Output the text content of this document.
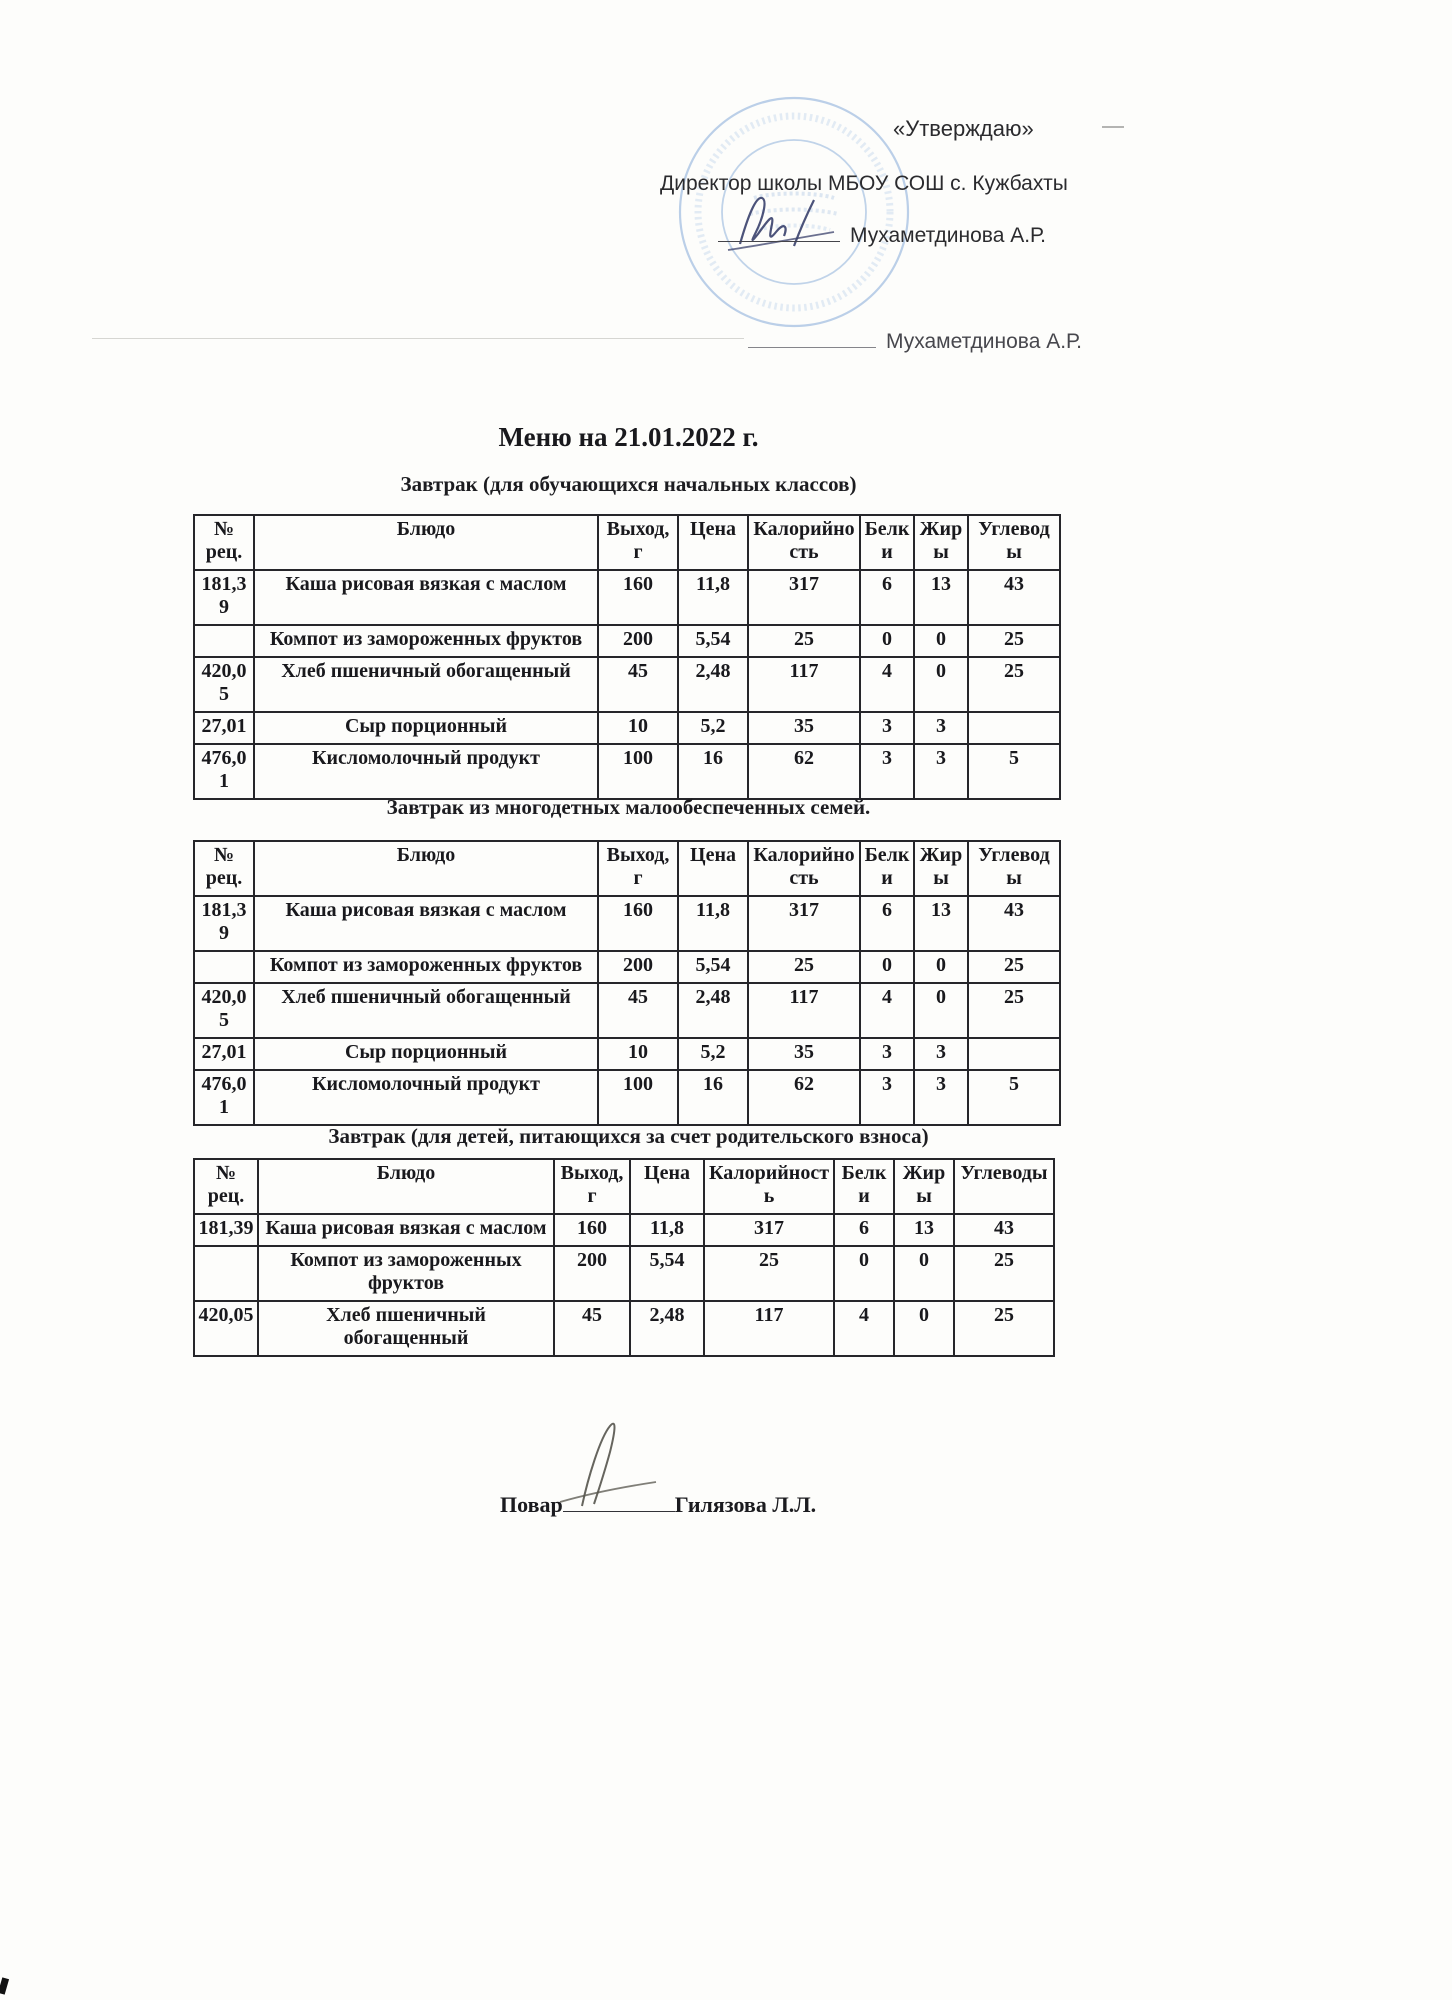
«Утверждаю»
Директор школы МБОУ СОШ с. Кужбахты
Мухаметдинова А.Р.
Мухаметдинова А.Р.
Меню на 21.01.2022 г.
Завтрак (для обучающихся начальных классов)
№ рец.	Блюдо	Выход, г	Цена	Калорийность	Белки	Жиры	Углеводы
181,39	Каша рисовая вязкая с маслом	160	11,8	317	6	13	43
	Компот из замороженных фруктов	200	5,54	25	0	0	25
420,05	Хлеб пшеничный обогащенный	45	2,48	117	4	0	25
27,01	Сыр порционный	10	5,2	35	3	3	
476,01	Кисломолочный продукт	100	16	62	3	3	5
Завтрак из многодетных малообеспеченных семей.
№ рец.	Блюдо	Выход, г	Цена	Калорийность	Белки	Жиры	Углеводы
181,39	Каша рисовая вязкая с маслом	160	11,8	317	6	13	43
	Компот из замороженных фруктов	200	5,54	25	0	0	25
420,05	Хлеб пшеничный обогащенный	45	2,48	117	4	0	25
27,01	Сыр порционный	10	5,2	35	3	3	
476,01	Кисломолочный продукт	100	16	62	3	3	5
Завтрак (для детей, питающихся за счет родительского взноса)
№ рец.	Блюдо	Выход, г	Цена	Калорийность	Белки	Жиры	Углеводы
181,39	Каша рисовая вязкая с маслом	160	11,8	317	6	13	43
	Компот из замороженных фруктов	200	5,54	25	0	0	25
420,05	Хлеб пшеничный обогащенный	45	2,48	117	4	0	25
Повар	Гилязова Л.Л.
